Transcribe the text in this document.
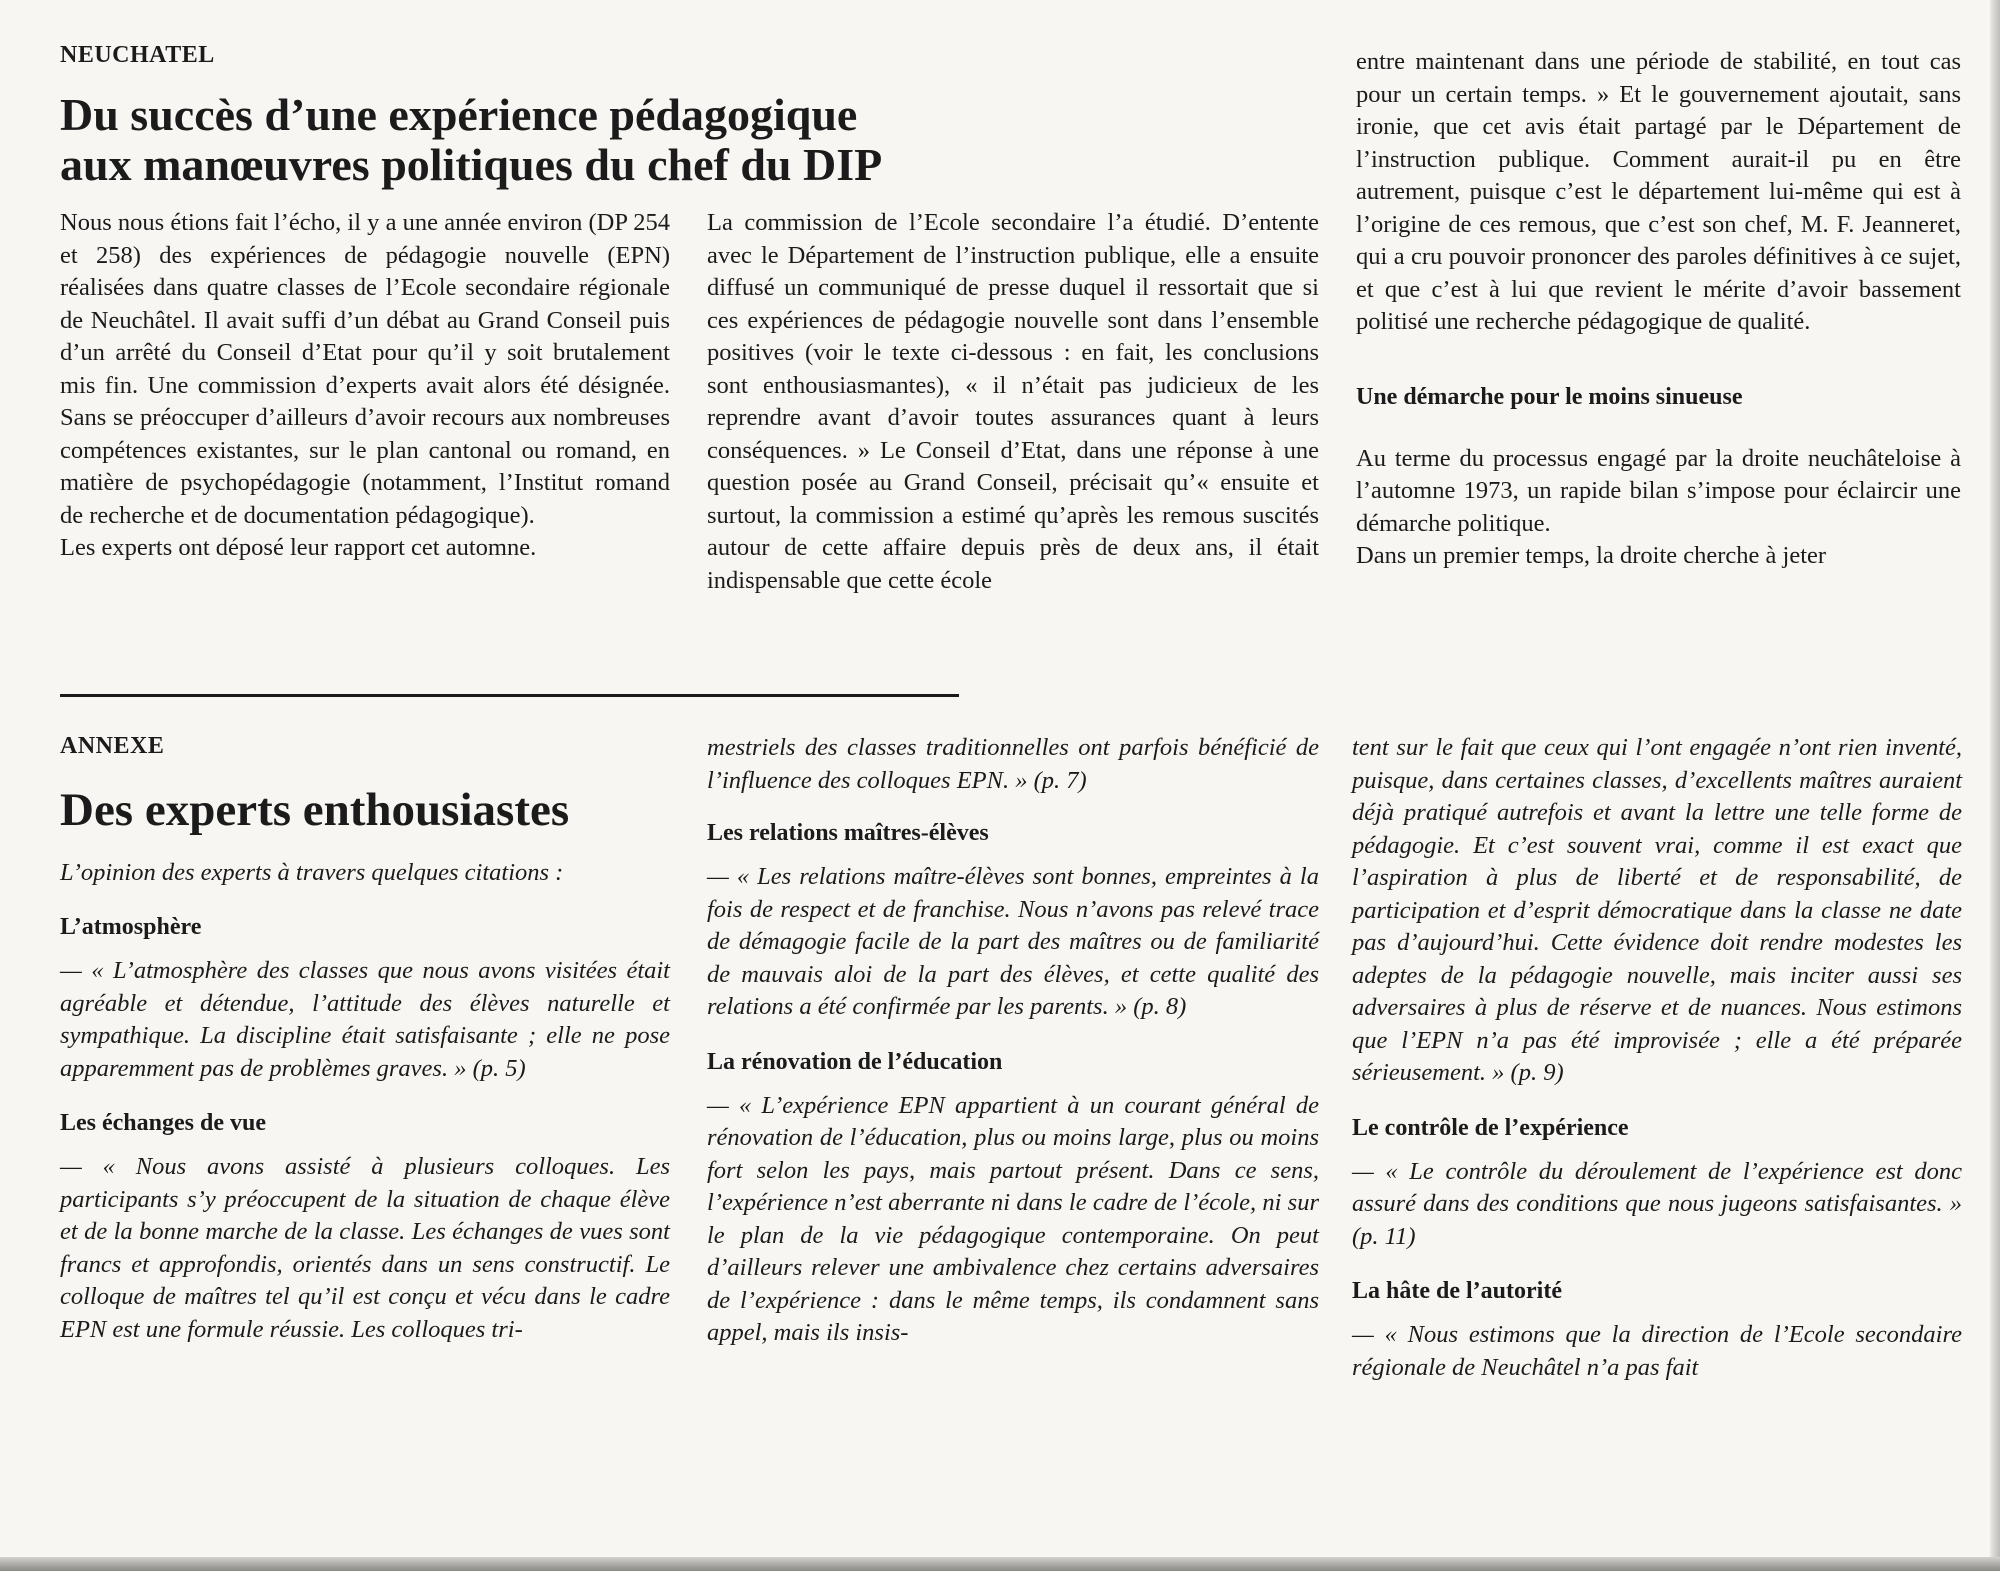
NEUCHATEL

Du succès d’une expérience pédagogique

aux manœuvres politiques du chef du DIP

Nous nous étions fait l’écho, il y a une année environ (DP 254 et 258) des expériences de pédagogie nouvelle (EPN) réalisées dans quatre classes de l’Ecole secondaire régionale de Neuchâtel. Il avait suffi d’un débat au Grand Conseil puis d’un arrêté du Conseil d’Etat pour qu’il y soit brutalement mis fin. Une commission d’experts avait alors été désignée. Sans se préoccuper d’ailleurs d’avoir recours aux nombreuses compétences existantes, sur le plan cantonal ou romand, en matière de psychopédagogie (notamment, l’Institut romand de recherche et de documentation pédagogique).

Les experts ont déposé leur rapport cet automne.

La commission de l’Ecole secondaire l’a étudié. D’entente avec le Département de l’instruction publique, elle a ensuite diffusé un communiqué de presse duquel il ressortait que si ces expériences de pédagogie nouvelle sont dans l’ensemble positives (voir le texte ci-dessous : en fait, les conclusions sont enthousiasmantes), « il n’était pas judicieux de les reprendre avant d’avoir toutes assurances quant à leurs conséquences. » Le Conseil d’Etat, dans une réponse à une question posée au Grand Conseil, précisait qu’« ensuite et surtout, la commission a estimé qu’après les remous suscités autour de cette affaire depuis près de deux ans, il était indispensable que cette école

entre maintenant dans une période de stabilité, en tout cas pour un certain temps. » Et le gouvernement ajoutait, sans ironie, que cet avis était partagé par le Département de l’instruction publique. Comment aurait-il pu en être autrement, puisque c’est le département lui-même qui est à l’origine de ces remous, que c’est son chef, M. F. Jeanneret, qui a cru pouvoir prononcer des paroles définitives à ce sujet, et que c’est à lui que revient le mérite d’avoir bassement politisé une recherche pédagogique de qualité.

Une démarche pour le moins sinueuse

Au terme du processus engagé par la droite neuchâteloise à l’automne 1973, un rapide bilan s’impose pour éclaircir une démarche politique.

Dans un premier temps, la droite cherche à jeter

ANNEXE

Des experts enthousiastes

L’opinion des experts à travers quelques citations :

L’atmosphère

— « L’atmosphère des classes que nous avons visitées était agréable et détendue, l’attitude des élèves naturelle et sympathique. La discipline était satisfaisante ; elle ne pose apparemment pas de problèmes graves. » (p. 5)

Les échanges de vue

— « Nous avons assisté à plusieurs colloques. Les participants s’y préoccupent de la situation de chaque élève et de la bonne marche de la classe. Les échanges de vues sont francs et approfondis, orientés dans un sens constructif. Le colloque de maîtres tel qu’il est conçu et vécu dans le cadre EPN est une formule réussie. Les colloques tri-

mestriels des classes traditionnelles ont parfois bénéficié de l’influence des colloques EPN. » (p. 7)

Les relations maîtres-élèves

— « Les relations maître-élèves sont bonnes, empreintes à la fois de respect et de franchise. Nous n’avons pas relevé trace de démagogie facile de la part des maîtres ou de familiarité de mauvais aloi de la part des élèves, et cette qualité des relations a été confirmée par les parents. » (p. 8)

La rénovation de l’éducation

— « L’expérience EPN appartient à un courant général de rénovation de l’éducation, plus ou moins large, plus ou moins fort selon les pays, mais partout présent. Dans ce sens, l’expérience n’est aberrante ni dans le cadre de l’école, ni sur le plan de la vie pédagogique contemporaine. On peut d’ailleurs relever une ambivalence chez certains adversaires de l’expérience : dans le même temps, ils condamnent sans appel, mais ils insis-

tent sur le fait que ceux qui l’ont engagée n’ont rien inventé, puisque, dans certaines classes, d’excellents maîtres auraient déjà pratiqué autrefois et avant la lettre une telle forme de pédagogie. Et c’est souvent vrai, comme il est exact que l’aspiration à plus de liberté et de responsabilité, de participation et d’esprit démocratique dans la classe ne date pas d’aujourd’hui. Cette évidence doit rendre modestes les adeptes de la pédagogie nouvelle, mais inciter aussi ses adversaires à plus de réserve et de nuances. Nous estimons que l’EPN n’a pas été improvisée ; elle a été préparée sérieusement. » (p. 9)

Le contrôle de l’expérience

— « Le contrôle du déroulement de l’expérience est donc assuré dans des conditions que nous jugeons satisfaisantes. » (p. 11)

La hâte de l’autorité

— « Nous estimons que la direction de l’Ecole secondaire régionale de Neuchâtel n’a pas fait
